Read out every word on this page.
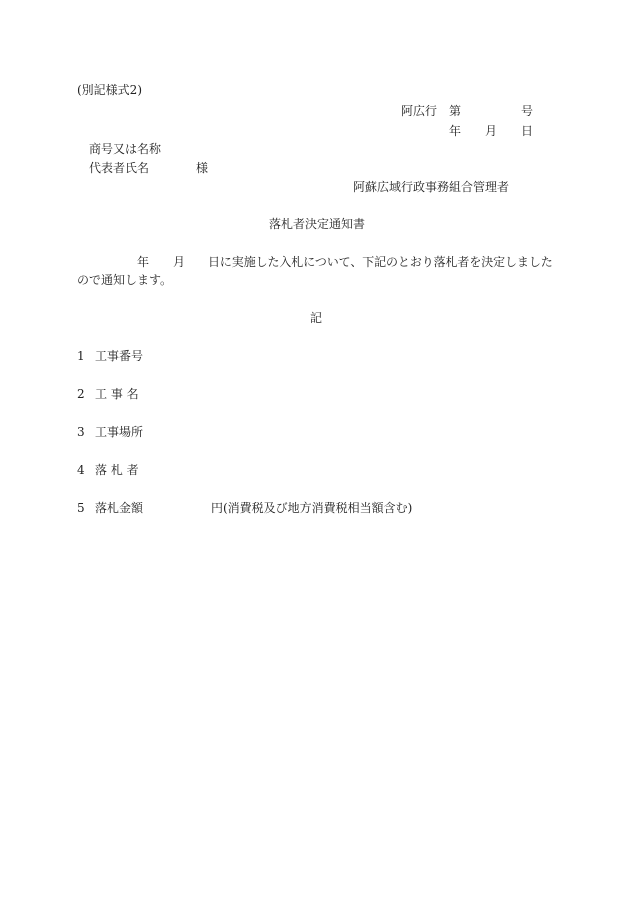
(別記様式2)
阿広行 第	号
年 月 日
商号又は名称
代表者氏名	様
阿蘇広域行政事務組合管理者
落札者決定通知書
年 月 日に実施した入札について、下記のとおり落札者を決定しました
ので通知します。
記
1 工事番号
2 工 事 名
3 工事場所
4 落 札 者
5 落札金額	円(消費税及び地方消費税相当額含む)
